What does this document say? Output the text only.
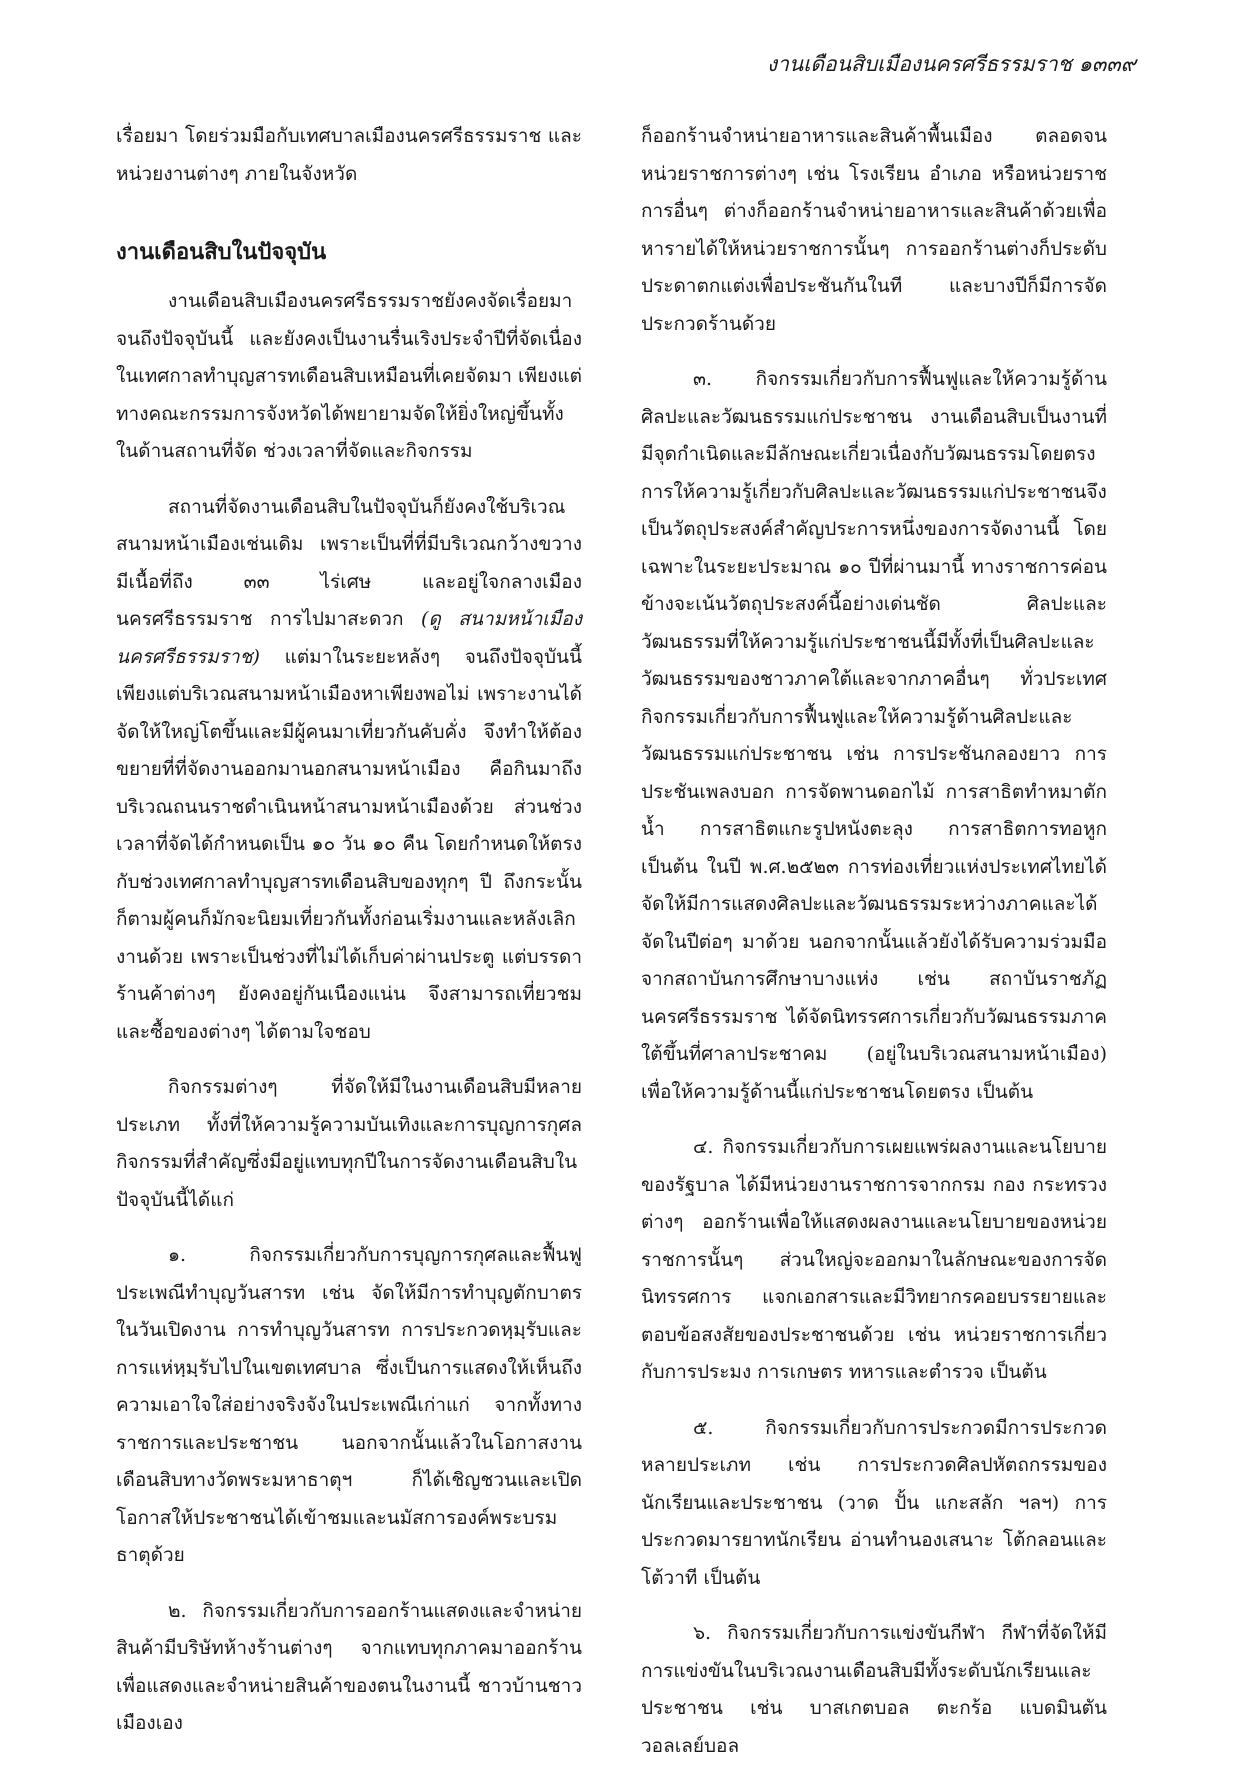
งานเดือนสิบเมืองนครศรีธรรมราช ๑๓๓๙

เรื่อยมา โดยร่วมมือกับเทศบาลเมืองนครศรีธรรมราช และหน่วยงานต่างๆ ภายในจังหวัด

งานเดือนสิบในปัจจุบัน

งานเดือนสิบเมืองนครศรีธรรมราชยังคงจัดเรื่อยมาจนถึงปัจจุบันนี้ และยังคงเป็นงานรื่นเริงประจำปีที่จัดเนื่องในเทศกาลทำบุญสารทเดือนสิบเหมือนที่เคยจัดมา เพียงแต่ทางคณะกรรมการจังหวัดได้พยายามจัดให้ยิ่งใหญ่ขึ้นทั้งในด้านสถานที่จัด ช่วงเวลาที่จัดและกิจกรรม

สถานที่จัดงานเดือนสิบในปัจจุบันก็ยังคงใช้บริเวณสนามหน้าเมืองเช่นเดิม เพราะเป็นที่ที่มีบริเวณกว้างขวางมีเนื้อที่ถึง ๓๓ ไร่เศษ และอยู่ใจกลางเมืองนครศรีธรรมราช การไปมาสะดวก (ดู สนามหน้าเมืองนครศรีธรรมราช) แต่มาในระยะหลังๆ จนถึงปัจจุบันนี้เพียงแต่บริเวณสนามหน้าเมืองหาเพียงพอไม่ เพราะงานได้จัดให้ใหญ่โตขึ้นและมีผู้คนมาเที่ยวกันคับคั่ง จึงทำให้ต้องขยายที่ที่จัดงานออกมานอกสนามหน้าเมือง คือกินมาถึงบริเวณถนนราชดำเนินหน้าสนามหน้าเมืองด้วย ส่วนช่วงเวลาที่จัดได้กำหนดเป็น ๑๐ วัน ๑๐ คืน โดยกำหนดให้ตรงกับช่วงเทศกาลทำบุญสารทเดือนสิบของทุกๆ ปี ถึงกระนั้นก็ตามผู้คนก็มักจะนิยมเที่ยวกันทั้งก่อนเริ่มงานและหลังเลิกงานด้วย เพราะเป็นช่วงที่ไม่ได้เก็บค่าผ่านประตู แต่บรรดาร้านค้าต่างๆ ยังคงอยู่กันเนืองแน่น จึงสามารถเที่ยวชมและซื้อของต่างๆ ได้ตามใจชอบ

กิจกรรมต่างๆ ที่จัดให้มีในงานเดือนสิบมีหลายประเภท ทั้งที่ให้ความรู้ความบันเทิงและการบุญการกุศล กิจกรรมที่สำคัญซึ่งมีอยู่แทบทุกปีในการจัดงานเดือนสิบในปัจจุบันนี้ได้แก่

๑. กิจกรรมเกี่ยวกับการบุญการกุศลและฟื้นฟูประเพณีทำบุญวันสารท เช่น จัดให้มีการทำบุญตักบาตรในวันเปิดงาน การทำบุญวันสารท การประกวดหฺมฺรับและการแห่หฺมฺรับไปในเขตเทศบาล ซึ่งเป็นการแสดงให้เห็นถึงความเอาใจใส่อย่างจริงจังในประเพณีเก่าแก่ จากทั้งทางราชการและประชาชน นอกจากนั้นแล้วในโอกาสงานเดือนสิบทางวัดพระมหาธาตุฯ ก็ได้เชิญชวนและเปิดโอกาสให้ประชาชนได้เข้าชมและนมัสการองค์พระบรมธาตุด้วย

๒. กิจกรรมเกี่ยวกับการออกร้านแสดงและจำหน่ายสินค้ามีบริษัทห้างร้านต่างๆ จากแทบทุกภาคมาออกร้านเพื่อแสดงและจำหน่ายสินค้าของตนในงานนี้ ชาวบ้านชาวเมืองเอง

ก็ออกร้านจำหน่ายอาหารและสินค้าพื้นเมือง ตลอดจนหน่วยราชการต่างๆ เช่น โรงเรียน อำเภอ หรือหน่วยราชการอื่นๆ ต่างก็ออกร้านจำหน่ายอาหารและสินค้าด้วยเพื่อหารายได้ให้หน่วยราชการนั้นๆ การออกร้านต่างก็ประดับประดาตกแต่งเพื่อประชันกันในที และบางปีก็มีการจัดประกวดร้านด้วย

๓. กิจกรรมเกี่ยวกับการฟื้นฟูและให้ความรู้ด้านศิลปะและวัฒนธรรมแก่ประชาชน งานเดือนสิบเป็นงานที่มีจุดกำเนิดและมีลักษณะเกี่ยวเนื่องกับวัฒนธรรมโดยตรง การให้ความรู้เกี่ยวกับศิลปะและวัฒนธรรมแก่ประชาชนจึงเป็นวัตถุประสงค์สำคัญประการหนึ่งของการจัดงานนี้ โดยเฉพาะในระยะประมาณ ๑๐ ปีที่ผ่านมานี้ ทางราชการค่อนข้างจะเน้นวัตถุประสงค์นี้อย่างเด่นชัด ศิลปะและวัฒนธรรมที่ให้ความรู้แก่ประชาชนนี้มีทั้งที่เป็นศิลปะและวัฒนธรรมของชาวภาคใต้และจากภาคอื่นๆ ทั่วประเทศ กิจกรรมเกี่ยวกับการฟื้นฟูและให้ความรู้ด้านศิลปะและวัฒนธรรมแก่ประชาชน เช่น การประชันกลองยาว การประชันเพลงบอก การจัดพานดอกไม้ การสาธิตทำหมาตักน้ำ การสาธิตแกะรูปหนังตะลุง การสาธิตการทอหูก เป็นต้น ในปี พ.ศ.๒๕๒๓ การท่องเที่ยวแห่งประเทศไทยได้จัดให้มีการแสดงศิลปะและวัฒนธรรมระหว่างภาคและได้จัดในปีต่อๆ มาด้วย นอกจากนั้นแล้วยังได้รับความร่วมมือจากสถาบันการศึกษาบางแห่ง เช่น สถาบันราชภัฏนครศรีธรรมราช ได้จัดนิทรรศการเกี่ยวกับวัฒนธรรมภาคใต้ขึ้นที่ศาลาประชาคม (อยู่ในบริเวณสนามหน้าเมือง) เพื่อให้ความรู้ด้านนี้แก่ประชาชนโดยตรง เป็นต้น

๔. กิจกรรมเกี่ยวกับการเผยแพร่ผลงานและนโยบายของรัฐบาล ได้มีหน่วยงานราชการจากกรม กอง กระทรวงต่างๆ ออกร้านเพื่อให้แสดงผลงานและนโยบายของหน่วยราชการนั้นๆ ส่วนใหญ่จะออกมาในลักษณะของการจัดนิทรรศการ แจกเอกสารและมีวิทยากรคอยบรรยายและตอบข้อสงสัยของประชาชนด้วย เช่น หน่วยราชการเกี่ยวกับการประมง การเกษตร ทหารและตำรวจ เป็นต้น

๕. กิจกรรมเกี่ยวกับการประกวดมีการประกวดหลายประเภท เช่น การประกวดศิลปหัตถกรรมของนักเรียนและประชาชน (วาด ปั้น แกะสลัก ฯลฯ) การประกวดมารยาทนักเรียน อ่านทำนองเสนาะ โต้กลอนและโต้วาที เป็นต้น

๖. กิจกรรมเกี่ยวกับการแข่งขันกีฬา กีฬาที่จัดให้มีการแข่งขันในบริเวณงานเดือนสิบมีทั้งระดับนักเรียนและประชาชน เช่น บาสเกตบอล ตะกร้อ แบดมินตัน วอลเลย์บอล
